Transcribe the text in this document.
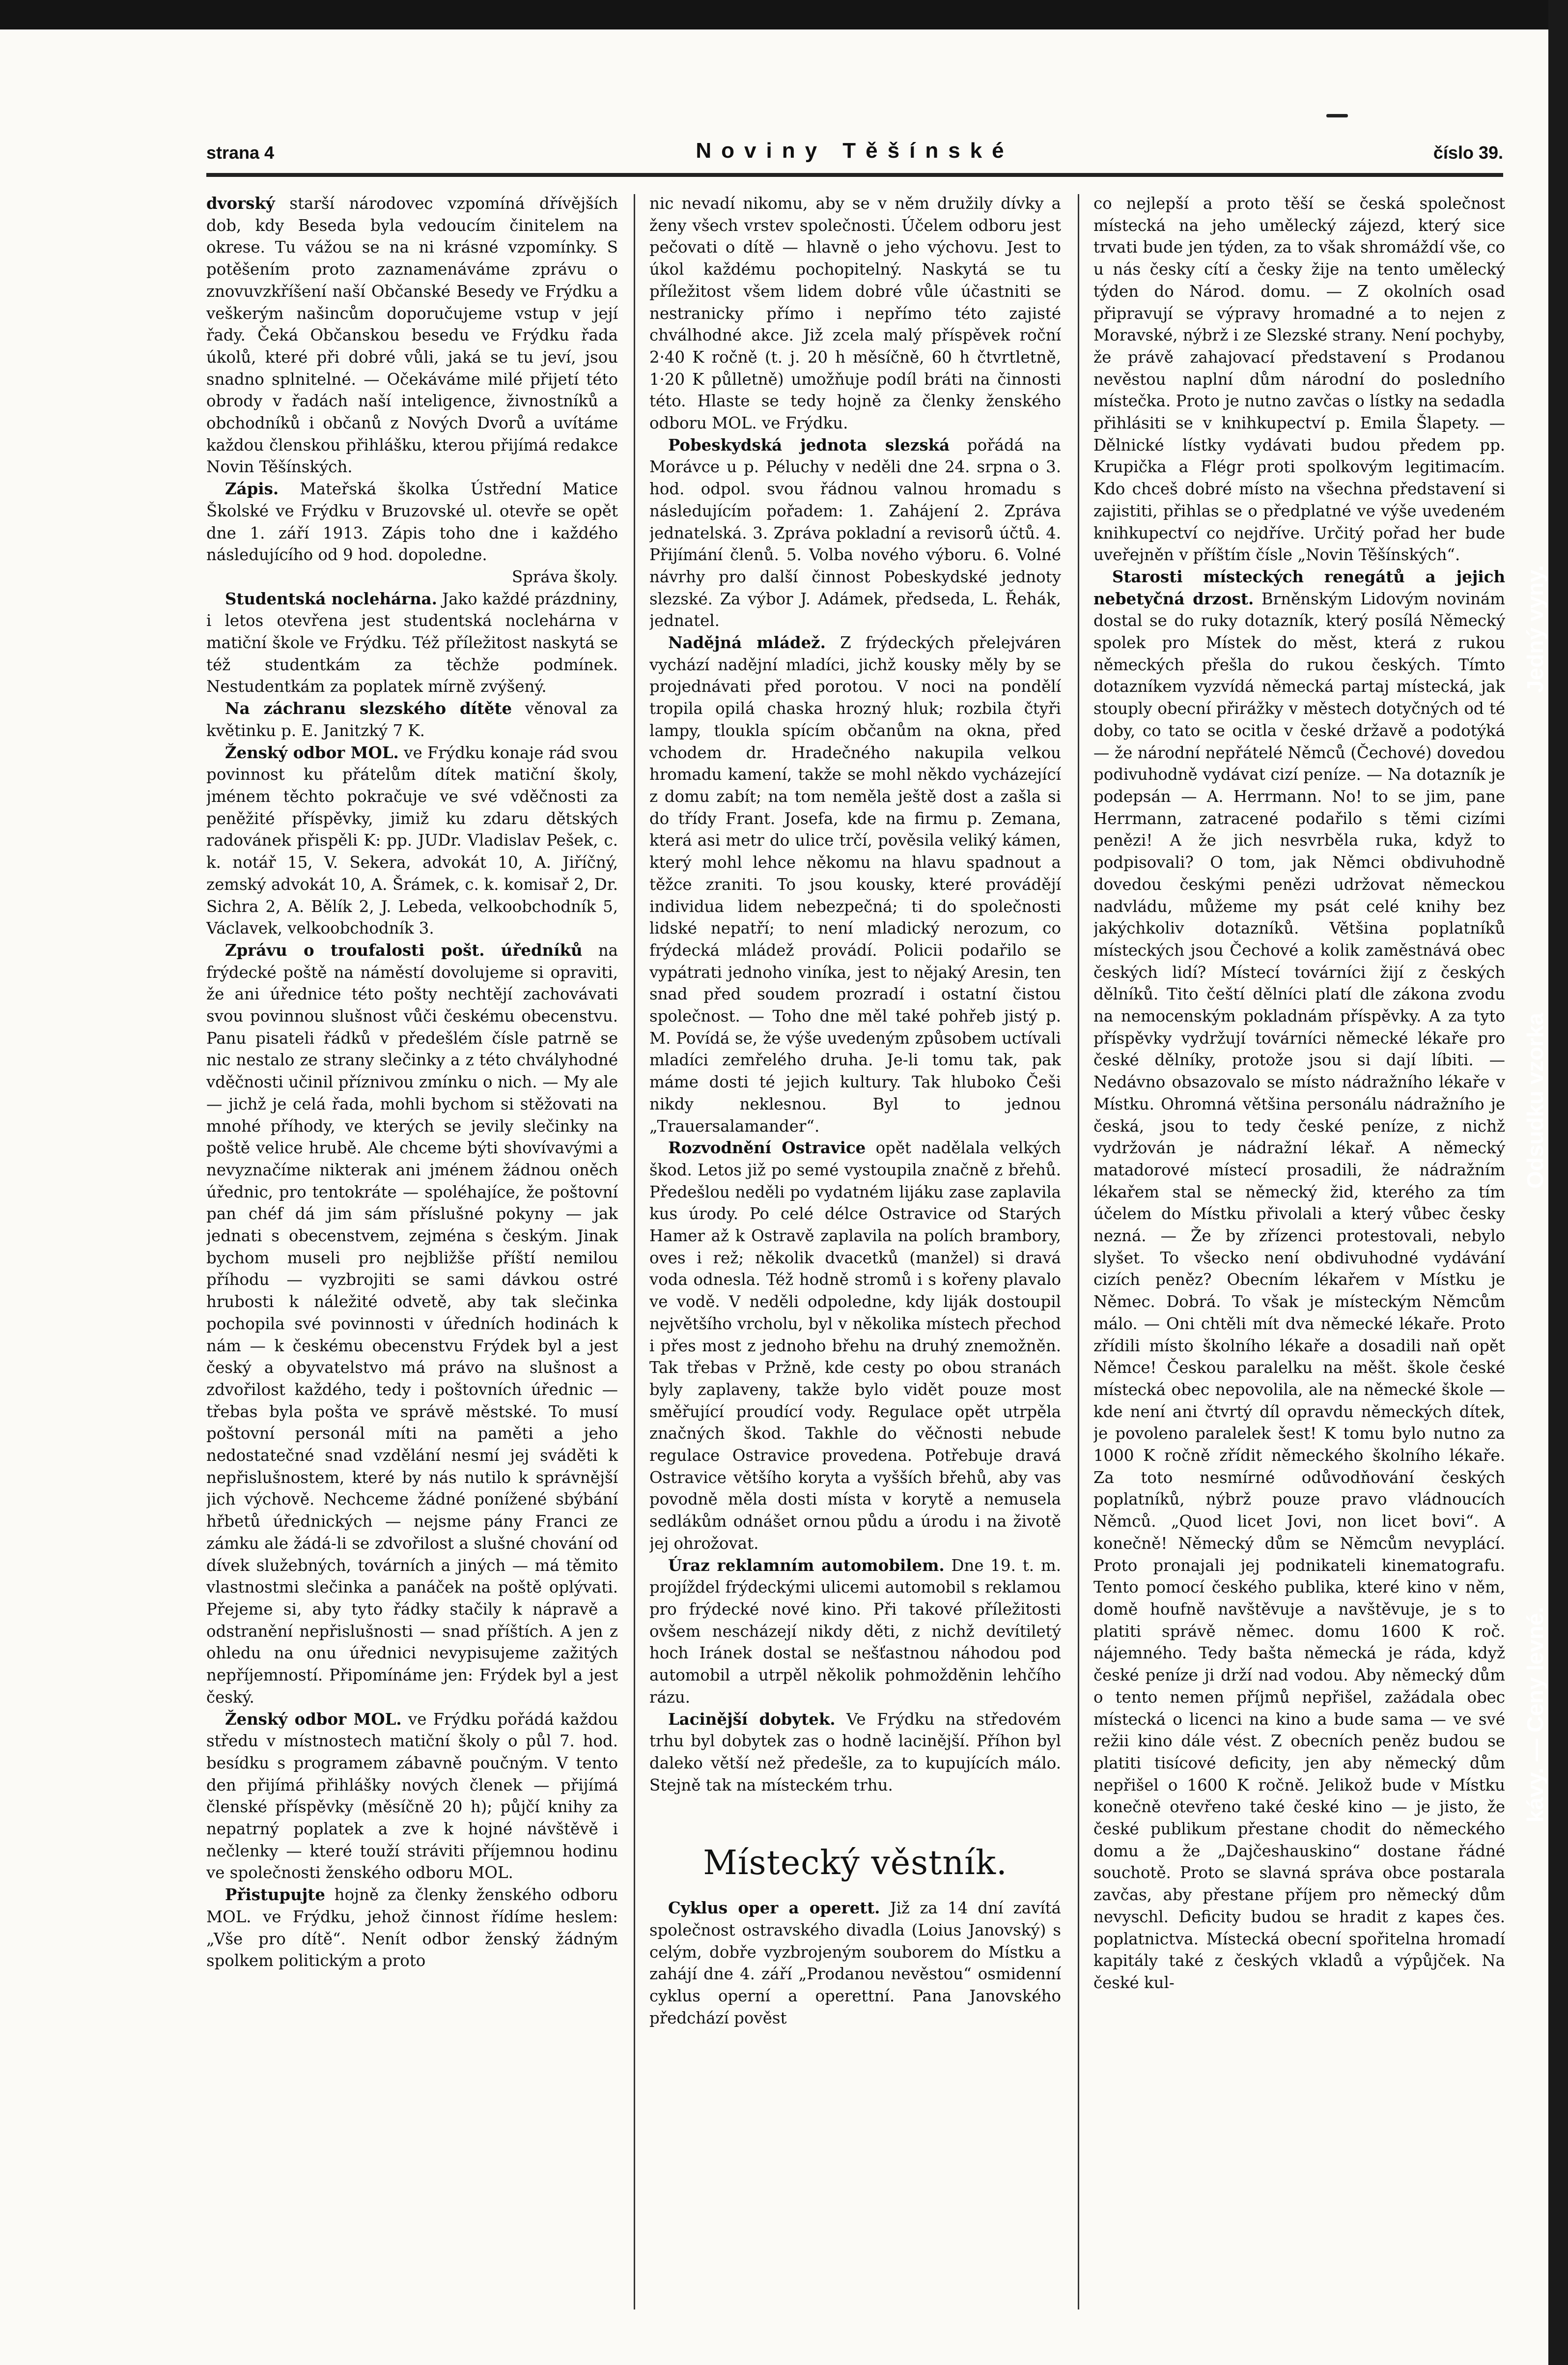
strana 4	Noviny Těšínské	číslo 39.

dvorský starší národovec vzpomíná dřívějších dob, kdy Beseda byla vedoucím činitelem na okrese. Tu vážou se na ni krásné vzpomínky. S potěšením proto zaznamenáváme zprávu o znovuvzkříšení naší Občanské Besedy ve Frýdku a veškerým našincům doporučujeme vstup v její řady. Čeká Občanskou besedu ve Frýdku řada úkolů, které při dobré vůli, jaká se tu jeví, jsou snadno splnitelné. — Očekáváme milé přijetí této obrody v řadách naší inteligence, živnostníků a obchodníků i občanů z Nových Dvorů a uvítáme každou členskou přihlášku, kterou přijímá redakce Novin Těšínských.

Zápis. Mateřská školka Ústřední Matice Školské ve Frýdku v Bruzovské ul. otevře se opět dne 1. září 1913. Zápis toho dne i každého následujícího od 9 hod. dopoledne.

Správa školy.

Studentská noclehárna. Jako každé prázdniny, i letos otevřena jest studentská noclehárna v matiční škole ve Frýdku. Též příležitost naskytá se též studentkám za těchže podmínek. Nestudentkám za poplatek mírně zvýšený.

Na záchranu slezského dítěte věnoval za květinku p. E. Janitzký 7 K.

Ženský odbor MOL. ve Frýdku konaje rád svou povinnost ku přátelům dítek matiční školy, jménem těchto pokračuje ve své vděčnosti za peněžité příspěvky, jimiž ku zdaru dětských radovánek přispěli K: pp. JUDr. Vladislav Pešek, c. k. notář 15, V. Sekera, advokát 10, A. Jiříčný, zemský advokát 10, A. Šrámek, c. k. komisař 2, Dr. Sichra 2, A. Bělík 2, J. Lebeda, velkoobchodník 5, Václavek, velkoobchodník 3.

Zprávu o troufalosti pošt. úředníků na frýdecké poště na náměstí dovolujeme si opraviti, že ani úřednice této pošty nechtějí zachovávati svou povinnou slušnost vůči českému obecenstvu. Panu pisateli řádků v předešlém čísle patrně se nic nestalo ze strany slečinky a z této chvályhodné vděčnosti učinil příznivou zmínku o nich. — My ale — jichž je celá řada, mohli bychom si stěžovati na mnohé příhody, ve kterých se jevily slečinky na poště velice hrubě. Ale chceme býti shovívavými a nevyznačíme nikterak ani jménem žádnou oněch úřednic, pro tentokráte — spoléhajíce, že poštovní pan chéf dá jim sám příslušné pokyny — jak jednati s obecenstvem, zejména s českým. Jinak bychom museli pro nejbližše příští nemilou příhodu — vyzbrojiti se sami dávkou ostré hrubosti k náležité odvetě, aby tak slečinka pochopila své povinnosti v úředních hodinách k nám — k českému obecenstvu Frýdek byl a jest český a obyvatelstvo má právo na slušnost a zdvořilost každého, tedy i poštovních úřednic — třebas byla pošta ve správě městské. To musí poštovní personál míti na paměti a jeho nedostatečné snad vzdělání nesmí jej sváděti k nepřislušnostem, které by nás nutilo k správnější jich výchově. Nechceme žádné ponížené sbýbání hřbetů úřednických — nejsme pány Franci ze zámku ale žádá-li se zdvořilost a slušné chování od dívek služebných, továrních a jiných — má těmito vlastnostmi slečinka a panáček na poště oplývati. Přejeme si, aby tyto řádky stačily k nápravě a odstranění nepřislušnosti — snad příštích. A jen z ohledu na onu úřednici nevypisujeme zažitých nepříjemností. Připomínáme jen: Frýdek byl a jest český.

Ženský odbor MOL. ve Frýdku pořádá každou středu v místnostech matiční školy o půl 7. hod. besídku s programem zábavně poučným. V tento den přijímá přihlášky nových členek — přijímá členské příspěvky (měsíčně 20 h); půjčí knihy za nepatrný poplatek a zve k hojné návštěvě i nečlenky — které touží stráviti příjemnou hodinu ve společnosti ženského odboru MOL.

Přistupujte hojně za členky ženského odboru MOL. ve Frýdku, jehož činnost řídíme heslem: „Vše pro dítě“. Nenít odbor ženský žádným spolkem politickým a proto

nic nevadí nikomu, aby se v něm družily dívky a ženy všech vrstev společnosti. Účelem odboru jest pečovati o dítě — hlavně o jeho výchovu. Jest to úkol každému pochopitelný. Naskytá se tu příležitost všem lidem dobré vůle účastniti se nestranicky přímo i nepřímo této zajisté chválhodné akce. Již zcela malý příspěvek roční 2·40 K ročně (t. j. 20 h měsíčně, 60 h čtvrtletně, 1·20 K půlletně) umožňuje podíl bráti na činnosti této. Hlaste se tedy hojně za členky ženského odboru MOL. ve Frýdku.

Pobeskydská jednota slezská pořádá na Morávce u p. Péluchy v neděli dne 24. srpna o 3. hod. odpol. svou řádnou valnou hromadu s následujícím pořadem: 1. Zahájení 2. Zpráva jednatelská. 3. Zpráva pokladní a revisorů účtů. 4. Přijímání členů. 5. Volba nového výboru. 6. Volné návrhy pro další činnost Pobeskydské jednoty slezské. Za výbor J. Adámek, předseda, L. Řehák, jednatel.

Nadějná mládež. Z frýdeckých přelejváren vychází nadějní mladíci, jichž kousky měly by se projednávati před porotou. V noci na pondělí tropila opilá chaska hrozný hluk; rozbila čtyři lampy, tloukla spícím občanům na okna, před vchodem dr. Hradečného nakupila velkou hromadu kamení, takže se mohl někdo vycházející z domu zabít; na tom neměla ještě dost a zašla si do třídy Frant. Josefa, kde na firmu p. Zemana, která asi metr do ulice trčí, pověsila veliký kámen, který mohl lehce někomu na hlavu spadnout a těžce zraniti. To jsou kousky, které provádějí individua lidem nebezpečná; ti do společnosti lidské nepatří; to není mladický nerozum, co frýdecká mládež provádí. Policii podařilo se vypátrati jednoho viníka, jest to nějaký Aresin, ten snad před soudem prozradí i ostatní čistou společnost. — Toho dne měl také pohřeb jistý p. M. Povídá se, že výše uvedeným způsobem uctívali mladíci zemřelého druha. Je-li tomu tak, pak máme dosti té jejich kultury. Tak hluboko Češi nikdy neklesnou. Byl to jednou „Trauersalamander“.

Rozvodnění Ostravice opět nadělala velkých škod. Letos již po semé vystoupila značně z břehů. Předešlou neděli po vydatném lijáku zase zaplavila kus úrody. Po celé délce Ostravice od Starých Hamer až k Ostravě zaplavila na polích brambory, oves i rež; několik dvacetků (manžel) si dravá voda odnesla. Též hodně stromů i s kořeny plavalo ve vodě. V neděli odpoledne, kdy liják dostoupil největšího vrcholu, byl v několika místech přechod i přes most z jednoho břehu na druhý znemožněn. Tak třebas v Pržně, kde cesty po obou stranách byly zaplaveny, takže bylo vidět pouze most směřující proudící vody. Regulace opět utrpěla značných škod. Takhle do věčnosti nebude regulace Ostravice provedena. Potřebuje dravá Ostravice většího koryta a vyšších břehů, aby vas povodně měla dosti místa v korytě a nemusela sedlákům odnášet ornou půdu a úrodu i na životě jej ohrožovat.

Úraz reklamním automobilem. Dne 19. t. m. projíždel frýdeckými ulicemi automobil s reklamou pro frýdecké nové kino. Při takové příležitosti ovšem nescházejí nikdy děti, z nichž devítiletý hoch Iránek dostal se nešťastnou náhodou pod automobil a utrpěl několik pohmožděnin lehčího rázu.

Lacinější dobytek. Ve Frýdku na středovém trhu byl dobytek zas o hodně lacinější. Příhon byl daleko větší než předešle, za to kupujících málo. Stejně tak na místeckém trhu.

Místecký věstník.

Cyklus oper a operett. Již za 14 dní zavítá společnost ostravského divadla (Loius Janovský) s celým, dobře vyzbrojeným souborem do Místku a zahájí dne 4. září „Prodanou nevěstou“ osmidenní cyklus operní a operettní. Pana Janovského předchází pověst

co nejlepší a proto těší se česká společnost místecká na jeho umělecký zájezd, který sice trvati bude jen týden, za to však shromáždí vše, co u nás česky cítí a česky žije na tento umělecký týden do Národ. domu. — Z okolních osad připravují se výpravy hromadné a to nejen z Moravské, nýbrž i ze Slezské strany. Není pochyby, že právě zahajovací představení s Prodanou nevěstou naplní dům národní do posledního místečka. Proto je nutno zavčas o lístky na sedadla přihlásiti se v knihkupectví p. Emila Šlapety. — Dělnické lístky vydávati budou předem pp. Krupička a Flégr proti spolkovým legitimacím. Kdo chceš dobré místo na všechna představení si zajistiti, přihlas se o předplatné ve výše uvedeném knihkupectví co nejdříve. Určitý pořad her bude uveřejněn v příštím čísle „Novin Těšínských“.

Starosti místeckých renegátů a jejich nebetyčná drzost. Brněnským Lidovým novinám dostal se do ruky dotazník, který posílá Německý spolek pro Místek do měst, která z rukou německých přešla do rukou českých. Tímto dotazníkem vyzvídá německá partaj místecká, jak stouply obecní přirážky v městech dotyčných od té doby, co tato se ocitla v české državě a podotýká — že národní nepřátelé Němců (Čechové) dovedou podivuhodně vydávat cizí peníze. — Na dotazník je podepsán — A. Herrmann. No! to se jim, pane Herrmann, zatracené podařilo s těmi cizími penězi! A že jich nesvrběla ruka, když to podpisovali? O tom, jak Němci obdivuhodně dovedou českými penězi udržovat německou nadvládu, můžeme my psát celé knihy bez jakýchkoliv dotazníků. Většina poplatníků místeckých jsou Čechové a kolik zaměstnává obec českých lidí? Místecí továrníci žijí z českých dělníků. Tito čeští dělníci platí dle zákona zvodu na nemocenským pokladnám příspěvky. A za tyto příspěvky vydržují továrníci německé lékaře pro české dělníky, protože jsou si dají líbiti. — Nedávno obsazovalo se místo nádražního lékaře v Místku. Ohromná většina personálu nádražního je česká, jsou to tedy české peníze, z nichž vydržován je nádražní lékař. A německý matadorové místecí prosadili, že nádražním lékařem stal se německý žid, kterého za tím účelem do Místku přivolali a který vůbec česky nezná. — Že by zřízenci protestovali, nebylo slyšet. To všecko není obdivuhodné vydávání cizích peněz? Obecním lékařem v Místku je Němec. Dobrá. To však je místeckým Němcům málo. — Oni chtěli mít dva německé lékaře. Proto zřídili místo školního lékaře a dosadili naň opět Němce! Českou paralelku na měšt. škole české místecká obec nepovolila, ale na německé škole — kde není ani čtvrtý díl opravdu německých dítek, je povoleno paralelek šest! K tomu bylo nutno za 1000 K ročně zřídit německého školního lékaře. Za toto nesmírné odůvodňování českých poplatníků, nýbrž pouze pravo vládnoucích Němců. „Quod licet Jovi, non licet bovi“. A konečně! Německý dům se Němcům nevyplácí. Proto pronajali jej podnikateli kinematografu. Tento pomocí českého publika, které kino v něm, domě houfně navštěvuje a navštěvuje, je s to platiti správě němec. domu 1600 K roč. nájemného. Tedy bašta německá je ráda, když české peníze ji drží nad vodou. Aby německý dům o tento nemen příjmů nepřišel, zažádala obec místecká o licenci na kino a bude sama — ve své režii kino dále vést. Z obecních peněz budou se platiti tisícové deficity, jen aby německý dům nepřišel o 1600 K ročně. Jelikož bude v Místku konečně otevřeno také české kino — je jisto, že české publikum přestane chodit do německého domu a že „Dajčeshauskino“ dostane řádné souchotě. Proto se slavná správa obce postarala zavčas, aby přestane příjem pro německý dům nevyschl. Deficity budou se hradit z kapes čes. poplatnictva. Místecká obecní spořitelna hromadí kapitály také z českých vkladů a výpůjček. Na české kul-

Jedný vyny.
Odsudku vzorka
kávy. — Ceny levné.
